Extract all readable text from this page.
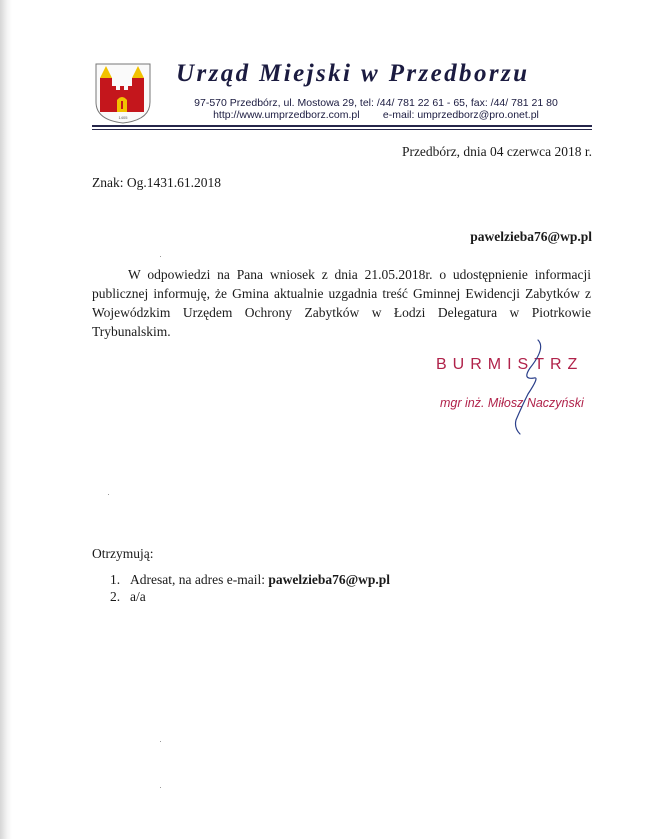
1405
Urząd Miejski w Przedborzu
97-570 Przedbórz, ul. Mostowa 29, tel: /44/ 781 22 61 - 65, fax: /44/ 781 21 80
http://www.umprzedborz.com.pl        e-mail: umprzedborz@pro.onet.pl
Przedbórz, dnia 04 czerwca 2018 r.
Znak: Og.1431.61.2018
pawelzieba76@wp.pl

W odpowiedzi na Pana wniosek z dnia 21.05.2018r. o udostępnienie informacji publicznej informuję, że Gmina aktualnie uzgadnia treść Gminnej Ewidencji Zabytków z Wojewódzkim Urzędem Ochrony Zabytków w Łodzi Delegatura w Piotrkowie Trybunalskim.

BURMISTRZ
mgr inż. Miłosz Naczyński
Otrzymują:
1. Adresat, na adres e-mail: pawelzieba76@wp.pl
2. a/a
